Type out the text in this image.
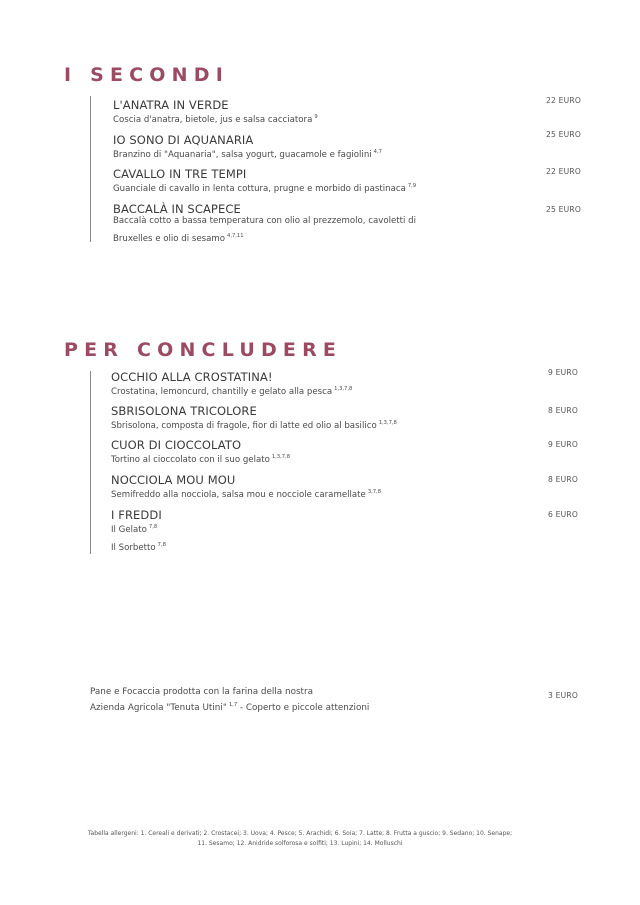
I SECONDI
L'ANATRA IN VERDE
Coscia d'anatra, bietole, jus e salsa cacciatora $^9$
22 EURO
IO SONO DI AQUANARIA
Branzino di "Aquanaria", salsa yogurt, guacamole e fagiolini $^{4,7}$
25 EURO
CAVALLO IN TRE TEMPI
Guanciale di cavallo in lenta cottura, prugne e morbido di pastinaca $^{7,9}$
22 EURO
BACCALÀ IN SCAPECE
Baccalà cotto a bassa temperatura con olio al prezzemolo, cavoletti di
Bruxelles e olio di sesamo $^{4,7,11}$
25 EURO
PER CONCLUDERE
OCCHIO ALLA CROSTATINA!
Crostatina, lemoncurd, chantilly e gelato alla pesca $^{1,3,7,8}$
9 EURO
SBRISOLONA TRICOLORE
Sbrisolona, composta di fragole, fior di latte ed olio al basilico $^{1,3,7,8}$
8 EURO
CUOR DI CIOCCOLATO
Tortino al cioccolato con il suo gelato $^{1,3,7,8}$
9 EURO
NOCCIOLA MOU MOU
Semifreddo alla nocciola, salsa mou e nocciole caramellate $^{3,7,8}$
8 EURO
I FREDDI
Il Gelato $^{7,8}$
Il Sorbetto $^{7,8}$
6 EURO
Pane e Focaccia prodotta con la farina della nostra
Azienda Agricola "Tenuta Utini" $^{1,7}$ - Coperto e piccole attenzioni
3 EURO
Tabella allergeni: 1. Cereali e derivati; 2. Crostacei; 3. Uova; 4. Pesce; 5. Arachidi; 6. Soia; 7. Latte; 8. Frutta a guscio; 9. Sedano; 10. Senape;
11. Sesamo; 12. Anidride solforosa e solfiti; 13. Lupini; 14. Molluschi
